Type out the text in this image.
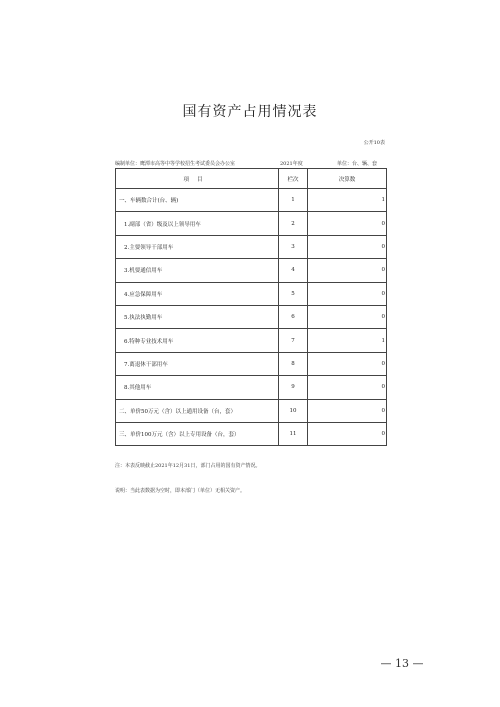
国有资产占用情况表
公开10表
编制单位：鹰潭市高等中等学校招生考试委员会办公室	2021年度	单位：台、辆、套
项目	栏次	决算数
一、车辆数合计(台、辆)	1	1
1.副部（省）级及以上领导用车	2	0
2.主要领导干部用车	3	0
3.机要通信用车	4	0
4.应急保障用车	5	0
5.执法执勤用车	6	0
6.特种专业技术用车	7	1
7.离退休干部用车	8	0
8.其他用车	9	0
二、单价50万元（含）以上通用设备（台，套）	10	0
三、单价100万元（含）以上专用设备（台，套）	11	0
注：本表反映截止2021年12月31日，部门占用的国有资产情况。
说明：当此表数据为空时，即本部门（单位）无相关资产。
— 13 —
